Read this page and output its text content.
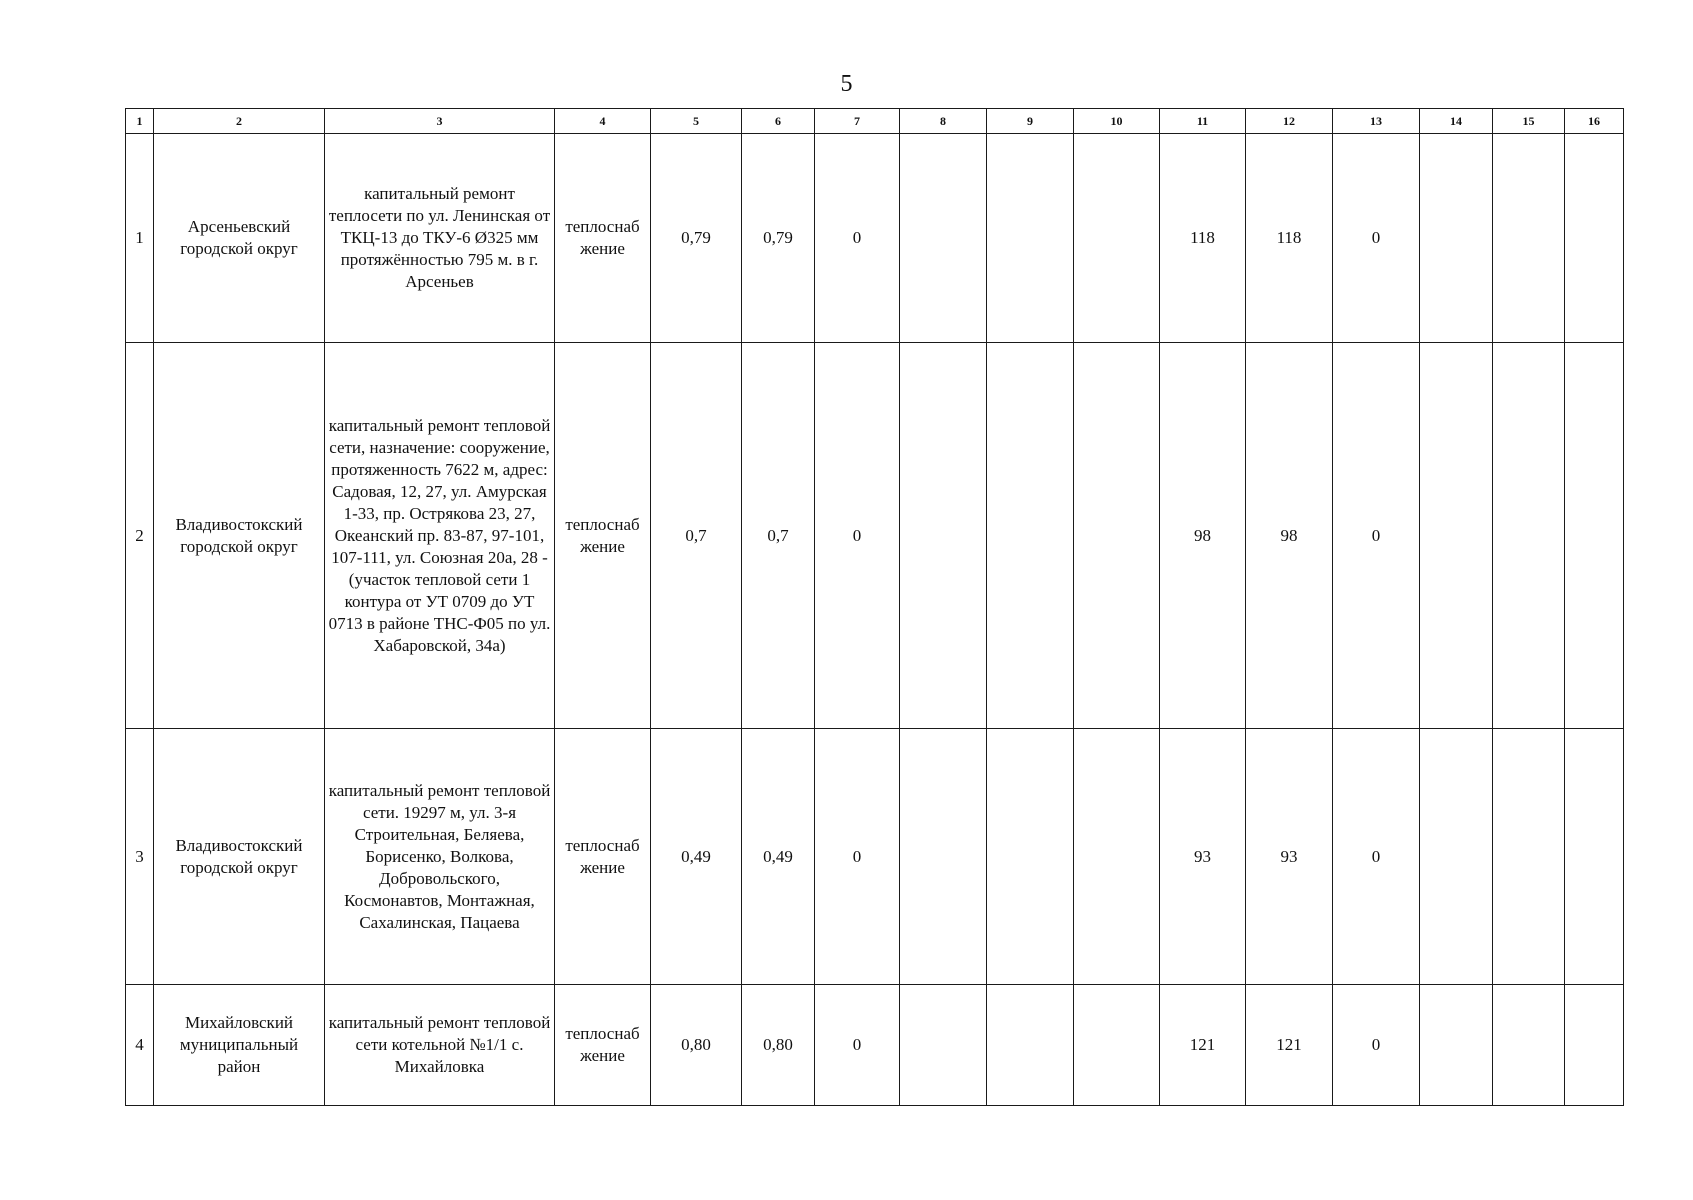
5
1	2	3	4	5	6	7	8	9	10	11	12	13	14	15	16
1	Арсеньевский городской округ	капитальный ремонт теплосети по ул. Ленинская от ТКЦ-13 до ТКУ-6 Ø325 мм протяжённостью 795 м. в г. Арсеньев	теплоснаб жение	0,79	0,79	0				118	118	0			
2	Владивостокский городской округ	капитальный ремонт тепловой сети, назначение: сооружение, протяженность 7622 м, адрес: Садовая, 12, 27, ул. Амурская 1-33, пр. Острякова 23, 27, Океанский пр. 83-87, 97-101, 107-111, ул. Союзная 20а, 28 - (участок тепловой сети 1 контура от УТ 0709 до УТ 0713 в районе ТНС-Ф05 по ул. Хабаровской, 34а)	теплоснаб жение	0,7	0,7	0				98	98	0			
3	Владивостокский городской округ	капитальный ремонт тепловой сети. 19297 м, ул. 3-я Строительная, Беляева, Борисенко, Волкова, Добровольского, Космонавтов, Монтажная, Сахалинская, Пацаева	теплоснаб жение	0,49	0,49	0				93	93	0			
4	Михайловский муниципальный район	капитальный ремонт тепловой сети котельной №1/1 с. Михайловка	теплоснаб жение	0,80	0,80	0				121	121	0			
